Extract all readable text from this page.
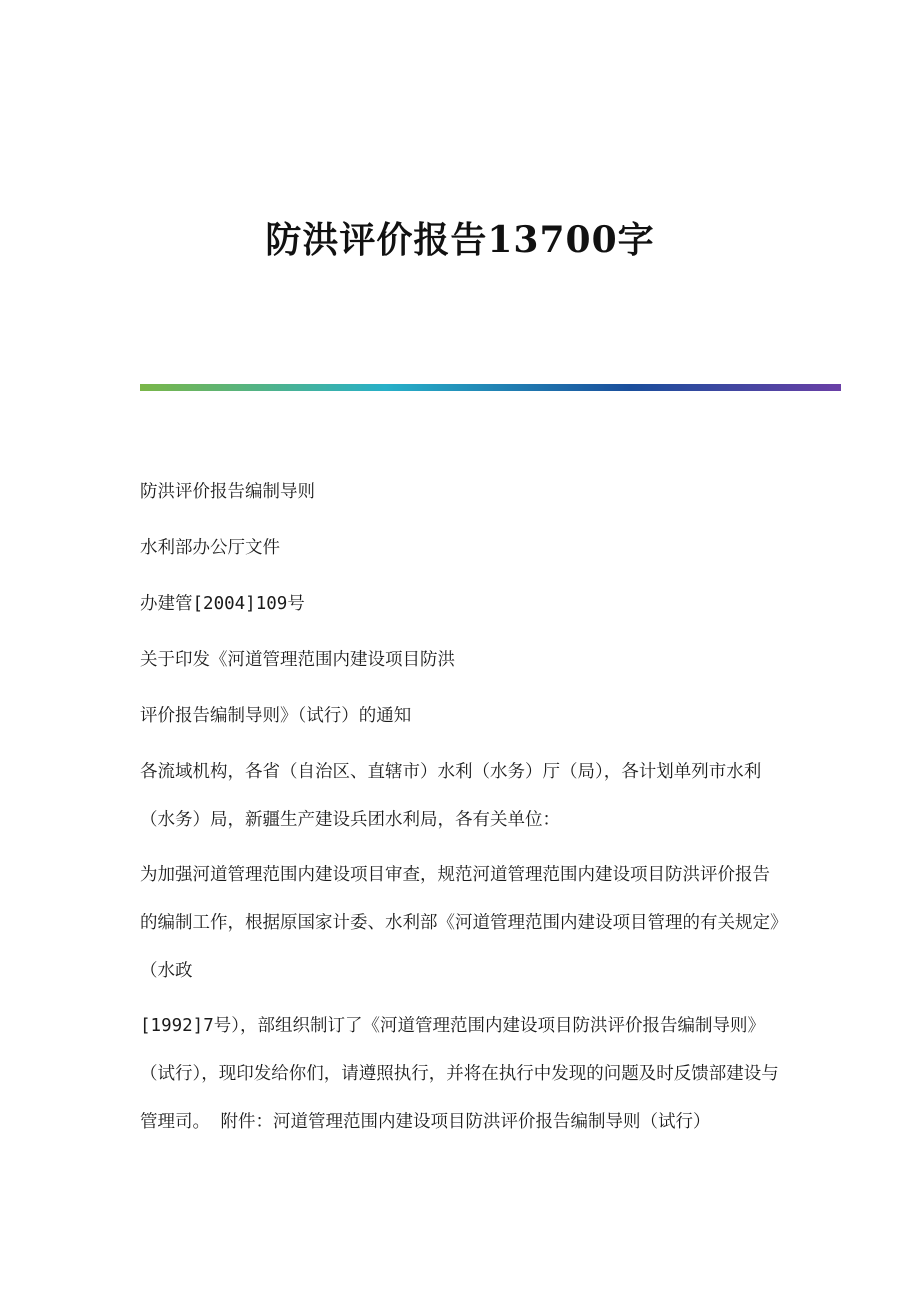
防洪评价报告13700字

防洪评价报告编制导则

水利部办公厅文件

办建管[2004]109号

关于印发《河道管理范围内建设项目防洪

评价报告编制导则》（试行）的通知

各流域机构，各省（自治区、直辖市）水利（水务）厅（局），各计划单列市水利（水务）局，新疆生产建设兵团水利局，各有关单位：

为加强河道管理范围内建设项目审查，规范河道管理范围内建设项目防洪评价报告的编制工作，根据原国家计委、水利部《河道管理范围内建设项目管理的有关规定》（水政

[1992]7号），部组织制订了《河道管理范围内建设项目防洪评价报告编制导则》（试行），现印发给你们，请遵照执行，并将在执行中发现的问题及时反馈部建设与管理司。 附件：河道管理范围内建设项目防洪评价报告编制导则（试行）
